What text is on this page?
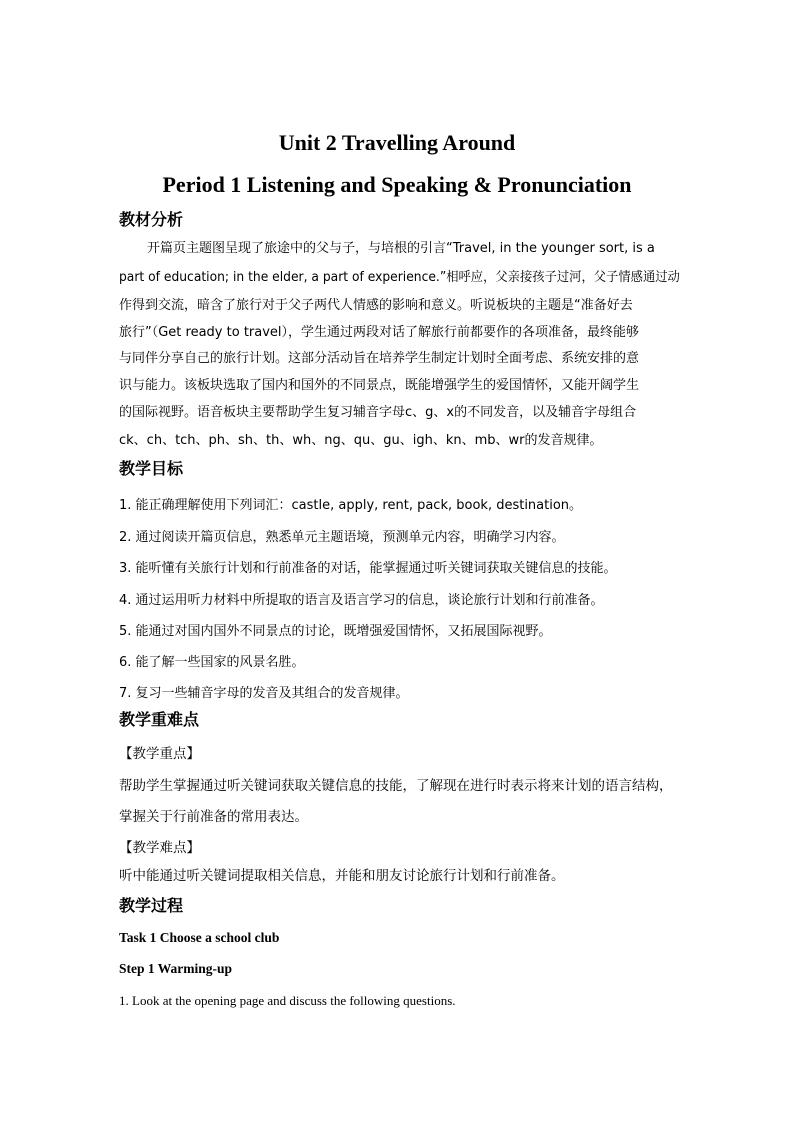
Unit 2 Travelling Around
Period 1 Listening and Speaking & Pronunciation
教材分析
开篇页主题图呈现了旅途中的父与子，与培根的引言“Travel, in the younger sort, is a
part of education; in the elder, a part of experience.”相呼应，父亲接孩子过河，父子情感通过动
作得到交流，暗含了旅行对于父子两代人情感的影响和意义。听说板块的主题是“准备好去
旅行”（Get ready to travel），学生通过两段对话了解旅行前都要作的各项准备，最终能够
与同伴分享自己的旅行计划。这部分活动旨在培养学生制定计划时全面考虑、系统安排的意
识与能力。该板块选取了国内和国外的不同景点，既能增强学生的爱国情怀，又能开阔学生
的国际视野。语音板块主要帮助学生复习辅音字母c、g、x的不同发音，以及辅音字母组合
ck、ch、tch、ph、sh、th、wh、ng、qu、gu、igh、kn、mb、wr的发音规律。
教学目标
1. 能正确理解使用下列词汇：castle, apply, rent, pack, book, destination。
2. 通过阅读开篇页信息，熟悉单元主题语境，预测单元内容，明确学习内容。
3. 能听懂有关旅行计划和行前准备的对话，能掌握通过听关键词获取关键信息的技能。
4. 通过运用听力材料中所提取的语言及语言学习的信息，谈论旅行计划和行前准备。
5. 能通过对国内国外不同景点的讨论，既增强爱国情怀，又拓展国际视野。
6. 能了解一些国家的风景名胜。
7. 复习一些辅音字母的发音及其组合的发音规律。
教学重难点
【教学重点】
帮助学生掌握通过听关键词获取关键信息的技能，了解现在进行时表示将来计划的语言结构，
掌握关于行前准备的常用表达。
【教学难点】
听中能通过听关键词提取相关信息，并能和朋友讨论旅行计划和行前准备。
教学过程
Task 1 Choose a school club
Step 1 Warming-up
1. Look at the opening page and discuss the following questions.
